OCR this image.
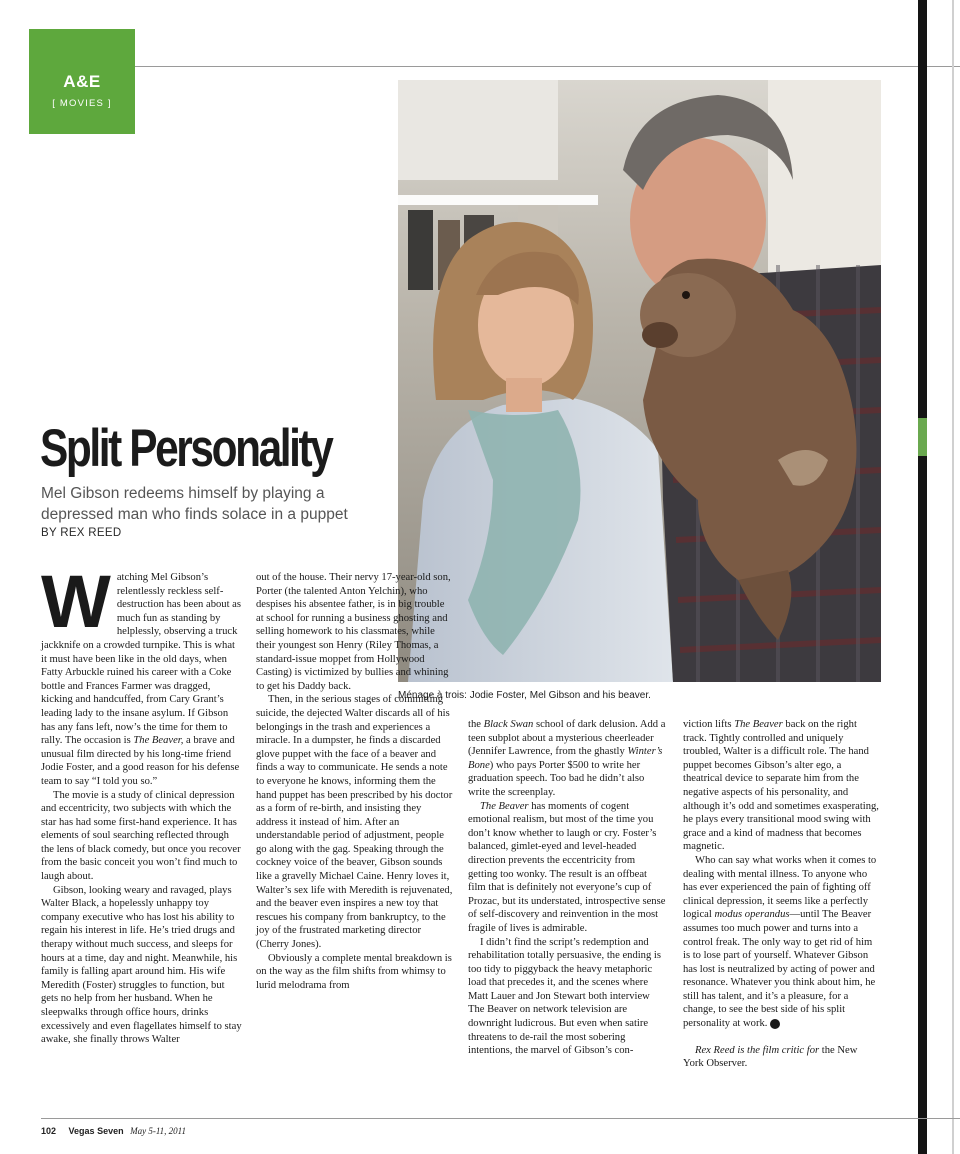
A&E
[ MOVIES ]
Ménage à trois: Jodie Foster, Mel Gibson and his beaver.
Split Personality
Mel Gibson redeems himself by playing a depressed man who finds solace in a puppet
BY REX REED

Watching Mel Gibson’s relentlessly reckless self-destruction has been about as much fun as standing by helplessly, observing a truck jackknife on a crowded turnpike. This is what it must have been like in the old days, when Fatty Arbuckle ruined his career with a Coke bottle and Frances Farmer was dragged, kicking and handcuffed, from Cary Grant’s leading lady to the insane asylum. If Gibson has any fans left, now’s the time for them to rally. The occasion is The Beaver, a brave and unusual film directed by his long-time friend Jodie Foster, and a good reason for his defense team to say “I told you so.”

The movie is a study of clinical depression and eccentricity, two subjects with which the star has had some first-hand experience. It has elements of soul searching reflected through the lens of black comedy, but once you recover from the basic conceit you won’t find much to laugh about.

Gibson, looking weary and ravaged, plays Walter Black, a hopelessly unhappy toy company executive who has lost his ability to regain his interest in life. He’s tried drugs and therapy without much success, and sleeps for hours at a time, day and night. Meanwhile, his family is falling apart around him. His wife Meredith (Foster) struggles to function, but gets no help from her husband. When he sleepwalks through office hours, drinks excessively and even flagellates himself to stay awake, she finally throws Walter

out of the house. Their nervy 17-year-old son, Porter (the talented Anton Yelchin), who despises his absentee father, is in big trouble at school for running a business ghosting and selling homework to his classmates, while their youngest son Henry (Riley Thomas, a standard-issue moppet from Hollywood Casting) is victimized by bullies and whining to get his Daddy back.

Then, in the serious stages of committing suicide, the dejected Walter discards all of his belongings in the trash and experiences a miracle. In a dumpster, he finds a discarded glove puppet with the face of a beaver and finds a way to communicate. He sends a note to everyone he knows, informing them the hand puppet has been prescribed by his doctor as a form of re-birth, and insisting they address it instead of him. After an understandable period of adjustment, people go along with the gag. Speaking through the cockney voice of the beaver, Gibson sounds like a gravelly Michael Caine. Henry loves it, Walter’s sex life with Meredith is rejuvenated, and the beaver even inspires a new toy that rescues his company from bankruptcy, to the joy of the frustrated marketing director (Cherry Jones).

Obviously a complete mental breakdown is on the way as the film shifts from whimsy to lurid melodrama from

the Black Swan school of dark delusion. Add a teen subplot about a mysterious cheerleader (Jennifer Lawrence, from the ghastly Winter’s Bone) who pays Porter $500 to write her graduation speech. Too bad he didn’t also write the screenplay.

The Beaver has moments of cogent emotional realism, but most of the time you don’t know whether to laugh or cry. Foster’s balanced, gimlet-eyed and level-headed direction prevents the eccentricity from getting too wonky. The result is an offbeat film that is definitely not everyone’s cup of Prozac, but its understated, introspective sense of self-discovery and reinvention in the most fragile of lives is admirable.

I didn’t find the script’s redemption and rehabilitation totally persuasive, the ending is too tidy to piggyback the heavy metaphoric load that precedes it, and the scenes where Matt Lauer and Jon Stewart both interview The Beaver on network television are downright ludicrous. But even when satire threatens to de-rail the most sobering intentions, the marvel of Gibson’s con-

viction lifts The Beaver back on the right track. Tightly controlled and uniquely troubled, Walter is a difficult role. The hand puppet becomes Gibson’s alter ego, a theatrical device to separate him from the negative aspects of his personality, and although it’s odd and sometimes exasperating, he plays every transitional mood swing with grace and a kind of madness that becomes magnetic.

Who can say what works when it comes to dealing with mental illness. To anyone who has ever experienced the pain of fighting off clinical depression, it seems like a perfectly logical modus operandus—until The Beaver assumes too much power and turns into a control freak. The only way to get rid of him is to lose part of yourself. Whatever Gibson has lost is neutralized by acting of power and resonance. Whatever you think about him, he still has talent, and it’s a pleasure, for a change, to see the best side of his split personality at work. 7

Rex Reed is the film critic for the New York Observer.

102 Vegas Seven May 5-11, 2011
